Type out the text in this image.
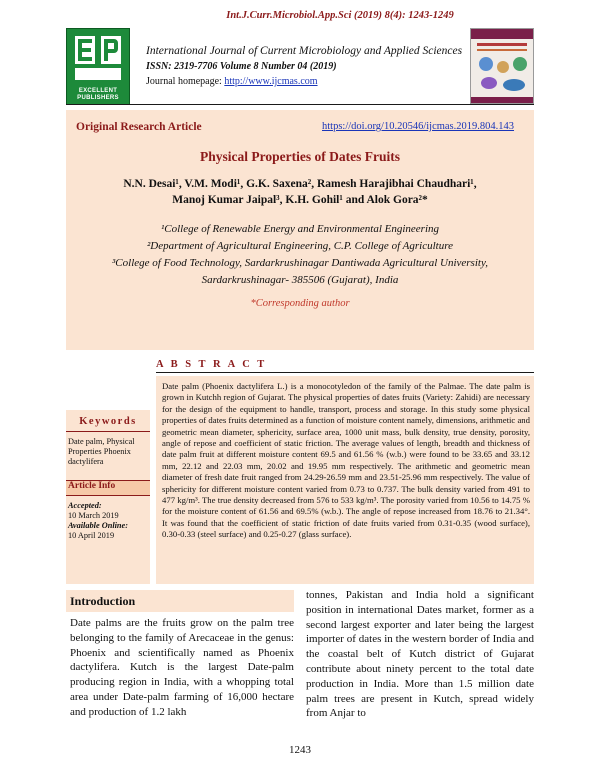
Int.J.Curr.Microbiol.App.Sci (2019) 8(4): 1243-1249
EXCELLENT
PUBLISHERS
International Journal of Current Microbiology and Applied Sciences
ISSN: 2319-7706 Volume 8 Number 04 (2019)
Journal homepage: http://www.ijcmas.com
Original Research Article	https://doi.org/10.20546/ijcmas.2019.804.143
Physical Properties of Dates Fruits
N.N. Desai¹, V.M. Modi¹, G.K. Saxena², Ramesh Harajibhai Chaudhari¹,
Manoj Kumar Jaipal³, K.H. Gohil¹ and Alok Gora²*
¹College of Renewable Energy and Environmental Engineering
²Department of Agricultural Engineering, C.P. College of Agriculture
³College of Food Technology, Sardarkrushinagar Dantiwada Agricultural University,
Sardarkrushinagar- 385506 (Gujarat), India
*Corresponding author
A B S T R A C T
Date palm (Phoenix dactylifera L.) is a monocotyledon of the family of the Palmae. The date palm is grown in Kutchh region of Gujarat. The physical properties of dates fruits (Variety: Zahidi) are necessary for the design of the equipment to handle, transport, process and storage. In this study some physical properties of dates fruits determined as a function of moisture content namely, dimensions, arithmetic and geometric mean diameter, sphericity, surface area, 1000 unit mass, bulk density, true density, porosity, angle of repose and coefficient of static friction. The average values of length, breadth and thickness of date palm fruit at different moisture content 69.5 and 61.56 % (w.b.) were found to be 33.65 and 33.12 mm, 22.12 and 22.03 mm, 20.02 and 19.95 mm respectively. The arithmetic and geometric mean diameter of fresh date fruit ranged from 24.29-26.59 mm and 23.51-25.96 mm respectively. The value of sphericity for different moisture content varied from 0.73 to 0.737. The bulk density varied from 491 to 477 kg/m³. The true density decreased from 576 to 533 kg/m³. The porosity varied from 10.56 to 14.75 % for the moisture content of 61.56 and 69.5% (w.b.). The angle of repose increased from 18.76 to 21.34°. It was found that the coefficient of static friction of date fruits varied from 0.31-0.35 (wood surface), 0.30-0.33 (steel surface) and 0.25-0.27 (glass surface).
Keywords
Date palm, Physical Properties Phoenix dactylifera
Article Info
Accepted:
10 March 2019
Available Online:
10 April 2019
Introduction
Date palms are the fruits grow on the palm tree belonging to the family of Arecaceae in the genus: Phoenix and scientifically named as Phoenix dactylifera. Kutch is the largest Date-palm producing region in India, with a whopping total area under Date-palm farming of 16,000 hectare and production of 1.2 lakh
tonnes, Pakistan and India hold a significant position in international Dates market, former as a second largest exporter and later being the largest importer of dates in the western border of India and the coastal belt of Kutch district of Gujarat contribute about ninety percent to the total date production in India. More than 1.5 million date palm trees are present in Kutch, spread widely from Anjar to
1243
